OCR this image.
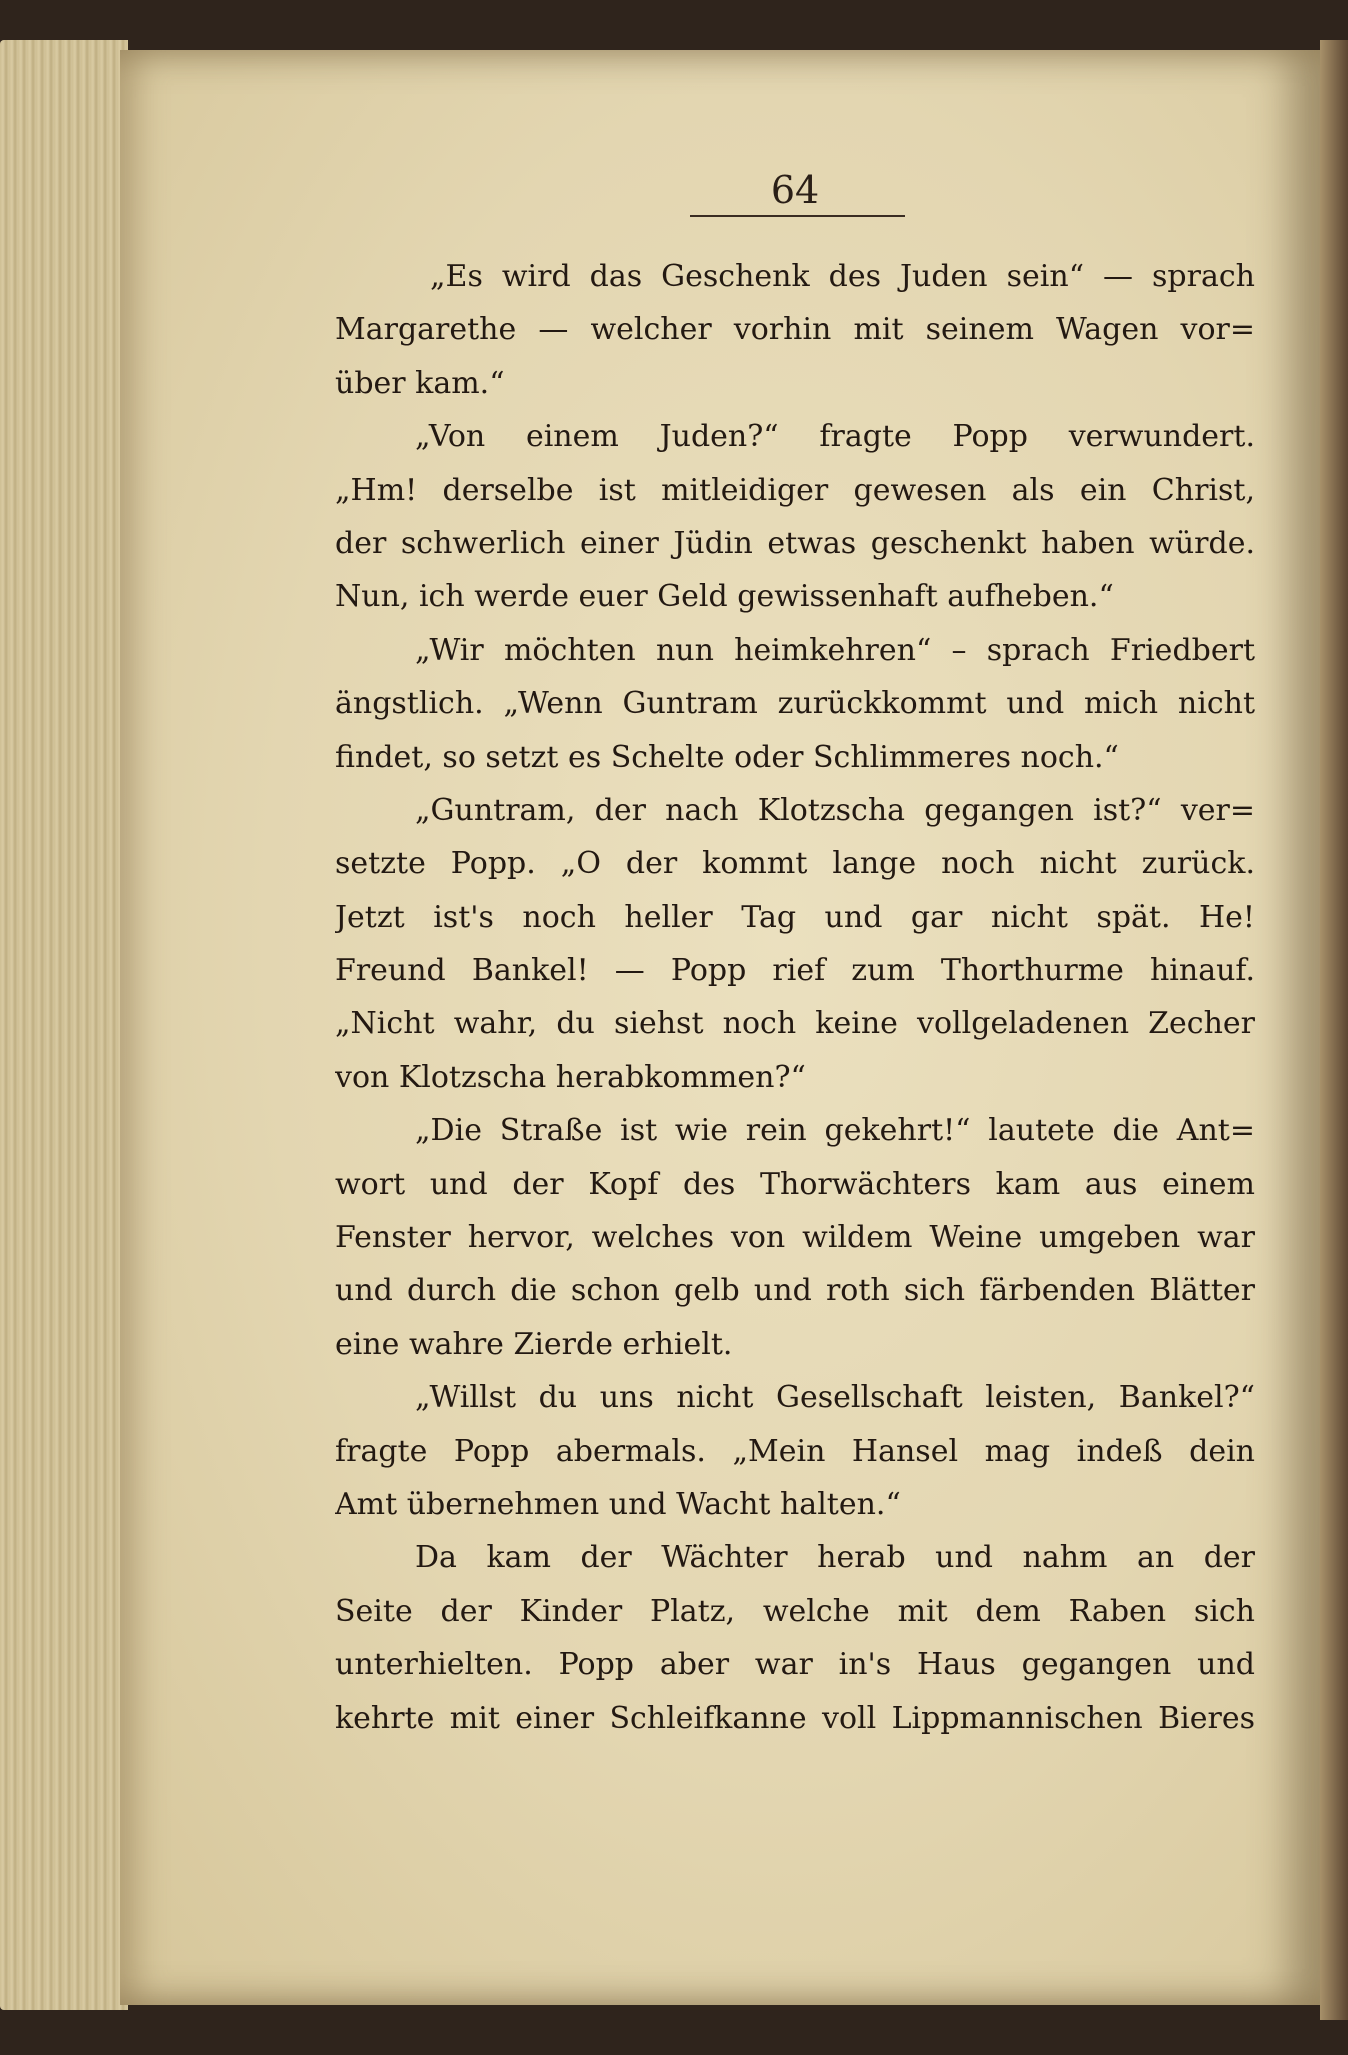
64
„Es wird das Geschenk des Juden sein“ — sprach
Margarethe — welcher vorhin mit seinem Wagen vor=
über kam.“
„Von einem Juden?“ fragte Popp verwundert.
„Hm! derselbe ist mitleidiger gewesen als ein Christ,
der schwerlich einer Jüdin etwas geschenkt haben würde.
Nun, ich werde euer Geld gewissenhaft aufheben.“
„Wir möchten nun heimkehren“ – sprach Friedbert
ängstlich. „Wenn Guntram zurückkommt und mich nicht
findet, so setzt es Schelte oder Schlimmeres noch.“
„Guntram, der nach Klotzscha gegangen ist?“ ver=
setzte Popp. „O der kommt lange noch nicht zurück.
Jetzt ist's noch heller Tag und gar nicht spät. He!
Freund Bankel! — Popp rief zum Thorthurme hinauf.
„Nicht wahr, du siehst noch keine vollgeladenen Zecher
von Klotzscha herabkommen?“
„Die Straße ist wie rein gekehrt!“ lautete die Ant=
wort und der Kopf des Thorwächters kam aus einem
Fenster hervor, welches von wildem Weine umgeben war
und durch die schon gelb und roth sich färbenden Blätter
eine wahre Zierde erhielt.
„Willst du uns nicht Gesellschaft leisten, Bankel?“
fragte Popp abermals. „Mein Hansel mag indeß dein
Amt übernehmen und Wacht halten.“
Da kam der Wächter herab und nahm an der
Seite der Kinder Platz, welche mit dem Raben sich
unterhielten. Popp aber war in's Haus gegangen und
kehrte mit einer Schleifkanne voll Lippmannischen Bieres
